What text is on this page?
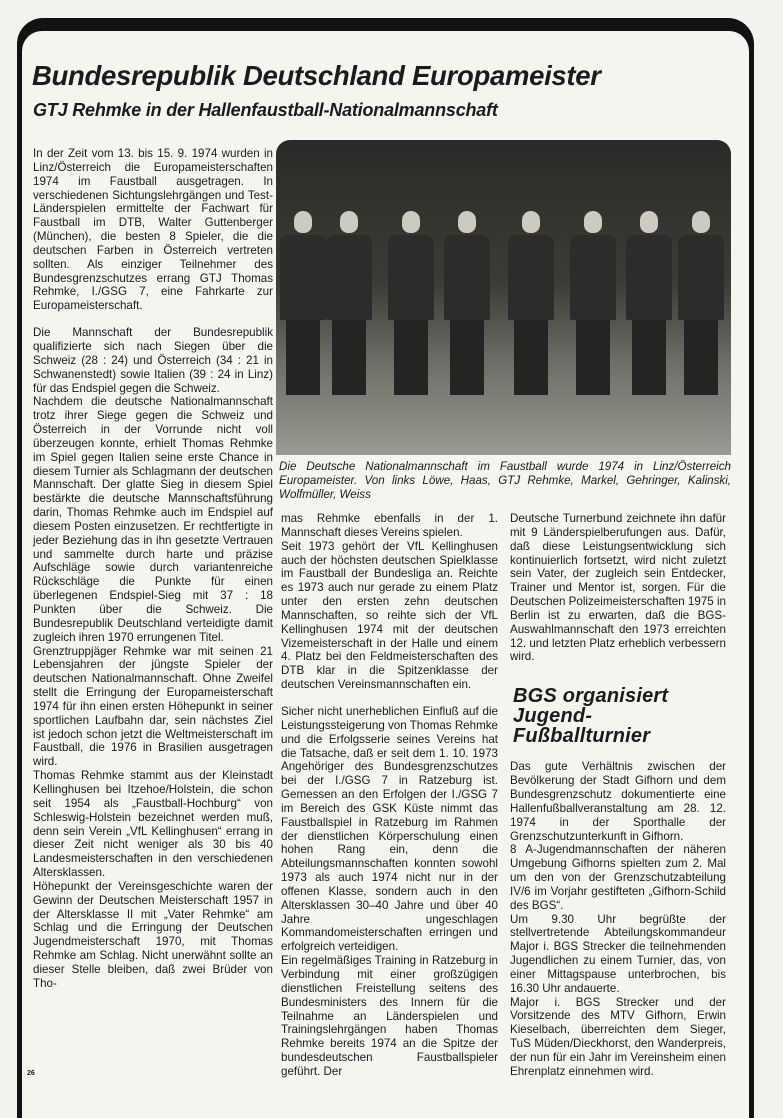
Bundesrepublik Deutschland Europameister
GTJ Rehmke in der Hallenfaustball-Nationalmannschaft

In der Zeit vom 13. bis 15. 9. 1974 wurden in Linz/Österreich die Europameisterschaften 1974 im Faustball ausgetragen. In verschiedenen Sichtungslehrgängen und Test-Länderspielen ermittelte der Fachwart für Faustball im DTB, Walter Guttenberger (München), die besten 8 Spieler, die die deutschen Farben in Österreich vertreten sollten. Als einziger Teilnehmer des Bundesgrenzschutzes errang GTJ Thomas Rehmke, I./GSG 7, eine Fahrkarte zur Europameisterschaft.

Die Mannschaft der Bundesrepublik qualifizierte sich nach Siegen über die Schweiz (28 : 24) und Österreich (34 : 21 in Schwanenstedt) sowie Italien (39 : 24 in Linz) für das Endspiel gegen die Schweiz.

Nachdem die deutsche Nationalmannschaft trotz ihrer Siege gegen die Schweiz und Österreich in der Vorrunde nicht voll überzeugen konnte, erhielt Thomas Rehmke im Spiel gegen Italien seine erste Chance in diesem Turnier als Schlagmann der deutschen Mannschaft. Der glatte Sieg in diesem Spiel bestärkte die deutsche Mannschaftsführung darin, Thomas Rehmke auch im Endspiel auf diesem Posten einzusetzen. Er rechtfertigte in jeder Beziehung das in ihn gesetzte Vertrauen und sammelte durch harte und präzise Aufschläge sowie durch variantenreiche Rückschläge die Punkte für einen überlegenen Endspiel-Sieg mit 37 : 18 Punkten über die Schweiz. Die Bundesrepublik Deutschland verteidigte damit zugleich ihren 1970 errungenen Titel.

Grenztruppjäger Rehmke war mit seinen 21 Lebensjahren der jüngste Spieler der deutschen Nationalmannschaft. Ohne Zweifel stellt die Erringung der Europameisterschaft 1974 für ihn einen ersten Höhepunkt in seiner sportlichen Laufbahn dar, sein nächstes Ziel ist jedoch schon jetzt die Weltmeisterschaft im Faustball, die 1976 in Brasilien ausgetragen wird.

Thomas Rehmke stammt aus der Kleinstadt Kellinghusen bei Itzehoe/Holstein, die schon seit 1954 als „Faustball-Hochburg“ von Schleswig-Holstein bezeichnet werden muß, denn sein Verein „VfL Kellinghusen“ errang in dieser Zeit nicht weniger als 30 bis 40 Landesmeisterschaften in den verschiedenen Altersklassen.

Höhepunkt der Vereinsgeschichte waren der Gewinn der Deutschen Meisterschaft 1957 in der Altersklasse II mit „Vater Rehmke“ am Schlag und die Erringung der Deutschen Jugendmeisterschaft 1970, mit Thomas Rehmke am Schlag. Nicht unerwähnt sollte an dieser Stelle bleiben, daß zwei Brüder von Tho-

Die Deutsche Nationalmannschaft im Faustball wurde 1974 in Linz/Österreich Europameister. Von links Löwe, Haas, GTJ Rehmke, Markel, Gehringer, Kalinski, Wolfmüller, Weiss

mas Rehmke ebenfalls in der 1. Mannschaft dieses Vereins spielen.

Seit 1973 gehört der VfL Kellinghusen auch der höchsten deutschen Spielklasse im Faustball der Bundesliga an. Reichte es 1973 auch nur gerade zu einem Platz unter den ersten zehn deutschen Mannschaften, so reihte sich der VfL Kellinghusen 1974 mit der deutschen Vizemeisterschaft in der Halle und einem 4. Platz bei den Feldmeisterschaften des DTB klar in die Spitzenklasse der deutschen Vereinsmannschaften ein.

Sicher nicht unerheblichen Einfluß auf die Leistungssteigerung von Thomas Rehmke und die Erfolgsserie seines Vereins hat die Tatsache, daß er seit dem 1. 10. 1973 Angehöriger des Bundesgrenzschutzes bei der I./GSG 7 in Ratzeburg ist. Gemessen an den Erfolgen der I./GSG 7 im Bereich des GSK Küste nimmt das Faustballspiel in Ratzeburg im Rahmen der dienstlichen Körperschulung einen hohen Rang ein, denn die Abteilungsmannschaften konnten sowohl 1973 als auch 1974 nicht nur in der offenen Klasse, sondern auch in den Altersklassen 30–40 Jahre und über 40 Jahre ungeschlagen Kommandomeisterschaften erringen und erfolgreich verteidigen.

Ein regelmäßiges Training in Ratzeburg in Verbindung mit einer großzügigen dienstlichen Freistellung seitens des Bundesministers des Innern für die Teilnahme an Länderspielen und Trainingslehrgängen haben Thomas Rehmke bereits 1974 an die Spitze der bundesdeutschen Faustballspieler geführt. Der

Deutsche Turnerbund zeichnete ihn dafür mit 9 Länderspielberufungen aus. Dafür, daß diese Leistungsentwicklung sich kontinuierlich fortsetzt, wird nicht zuletzt sein Vater, der zugleich sein Entdecker, Trainer und Mentor ist, sorgen. Für die Deutschen Polizeimeisterschaften 1975 in Berlin ist zu erwarten, daß die BGS-Auswahlmannschaft den 1973 erreichten 12. und letzten Platz erheblich verbessern wird.

BGS organisiert
Jugend-
Fußballturnier

Das gute Verhältnis zwischen der Bevölkerung der Stadt Gifhorn und dem Bundesgrenzschutz dokumentierte eine Hallenfußballveranstaltung am 28. 12. 1974 in der Sporthalle der Grenzschutzunterkunft in Gifhorn.

8 A-Jugendmannschaften der näheren Umgebung Gifhorns spielten zum 2. Mal um den von der Grenzschutzabteilung IV/6 im Vorjahr gestifteten „Gifhorn-Schild des BGS“.

Um 9.30 Uhr begrüßte der stellvertretende Abteilungskommandeur Major i. BGS Strecker die teilnehmenden Jugendlichen zu einem Turnier, das, von einer Mittagspause unterbrochen, bis 16.30 Uhr andauerte.

Major i. BGS Strecker und der Vorsitzende des MTV Gifhorn, Erwin Kieselbach, überreichten dem Sieger, TuS Müden/Dieckhorst, den Wanderpreis, der nun für ein Jahr im Vereinsheim einen Ehrenplatz einnehmen wird.

26
